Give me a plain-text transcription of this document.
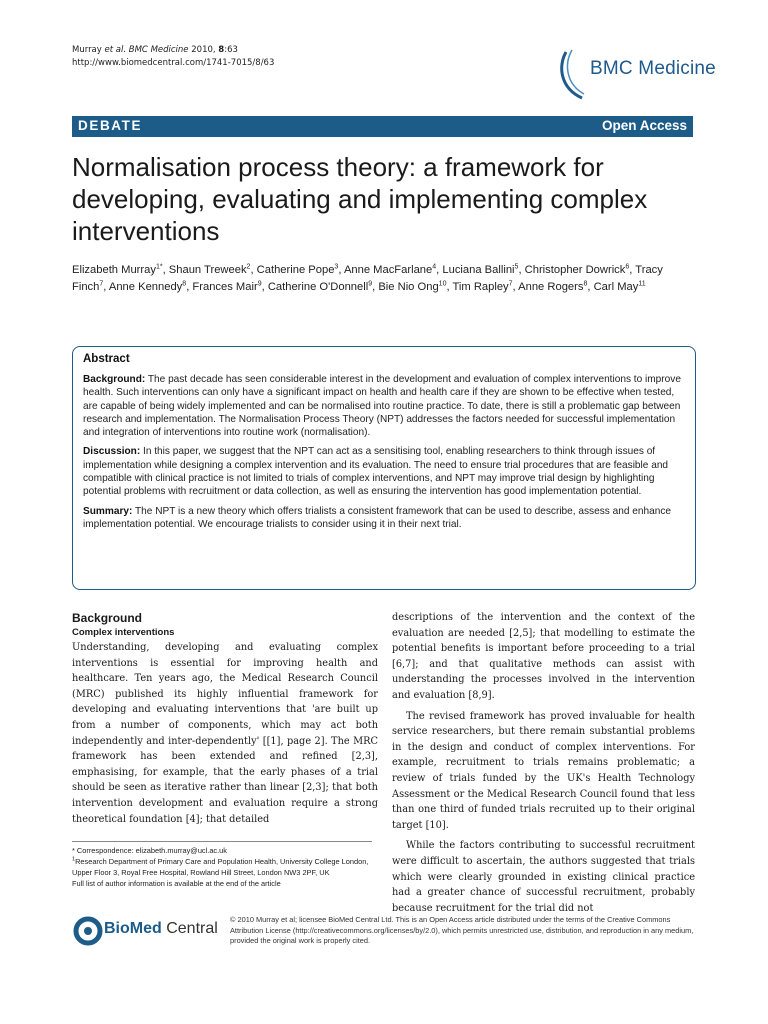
Murray et al. BMC Medicine 2010, 8:63
http://www.biomedcentral.com/1741-7015/8/63	BMC Medicine
DEBATE	Open Access
Normalisation process theory: a framework for developing, evaluating and implementing complex interventions
Elizabeth Murray$^{1*}$, Shaun Treweek$^2$, Catherine Pope$^3$, Anne MacFarlane$^4$, Luciana Ballini$^5$, Christopher Dowrick$^6$, Tracy Finch$^7$, Anne Kennedy$^8$, Frances Mair$^9$, Catherine O'Donnell$^9$, Bie Nio Ong$^{10}$, Tim Rapley$^7$, Anne Rogers$^8$, Carl May$^{11}$
Abstract

Background: The past decade has seen considerable interest in the development and evaluation of complex interventions to improve health. Such interventions can only have a significant impact on health and health care if they are shown to be effective when tested, are capable of being widely implemented and can be normalised into routine practice. To date, there is still a problematic gap between research and implementation. The Normalisation Process Theory (NPT) addresses the factors needed for successful implementation and integration of interventions into routine work (normalisation).

Discussion: In this paper, we suggest that the NPT can act as a sensitising tool, enabling researchers to think through issues of implementation while designing a complex intervention and its evaluation. The need to ensure trial procedures that are feasible and compatible with clinical practice is not limited to trials of complex interventions, and NPT may improve trial design by highlighting potential problems with recruitment or data collection, as well as ensuring the intervention has good implementation potential.

Summary: The NPT is a new theory which offers trialists a consistent framework that can be used to describe, assess and enhance implementation potential. We encourage trialists to consider using it in their next trial.

Background
Complex interventions

Understanding, developing and evaluating complex interventions is essential for improving health and healthcare. Ten years ago, the Medical Research Council (MRC) published its highly influential framework for developing and evaluating interventions that 'are built up from a number of components, which may act both independently and inter-dependently' [[1], page 2]. The MRC framework has been extended and refined [2,3], emphasising, for example, that the early phases of a trial should be seen as iterative rather than linear [2,3]; that both intervention development and evaluation require a strong theoretical foundation [4]; that detailed

descriptions of the intervention and the context of the evaluation are needed [2,5]; that modelling to estimate the potential benefits is important before proceeding to a trial [6,7]; and that qualitative methods can assist with understanding the processes involved in the intervention and evaluation [8,9].

The revised framework has proved invaluable for health service researchers, but there remain substantial problems in the design and conduct of complex interventions. For example, recruitment to trials remains problematic; a review of trials funded by the UK's Health Technology Assessment or the Medical Research Council found that less than one third of funded trials recruited up to their original target [10].

While the factors contributing to successful recruitment were difficult to ascertain, the authors suggested that trials which were clearly grounded in existing clinical practice had a greater chance of successful recruitment, probably because recruitment for the trial did not

* Correspondence: elizabeth.murray@ucl.ac.uk

$^1$Research Department of Primary Care and Population Health, University College London, Upper Floor 3, Royal Free Hospital, Rowland Hill Street, London NW3 2PF, UK

Full list of author information is available at the end of the article

BioMed Central
© 2010 Murray et al; licensee BioMed Central Ltd. This is an Open Access article distributed under the terms of the Creative Commons Attribution License (http://creativecommons.org/licenses/by/2.0), which permits unrestricted use, distribution, and reproduction in any medium, provided the original work is properly cited.
